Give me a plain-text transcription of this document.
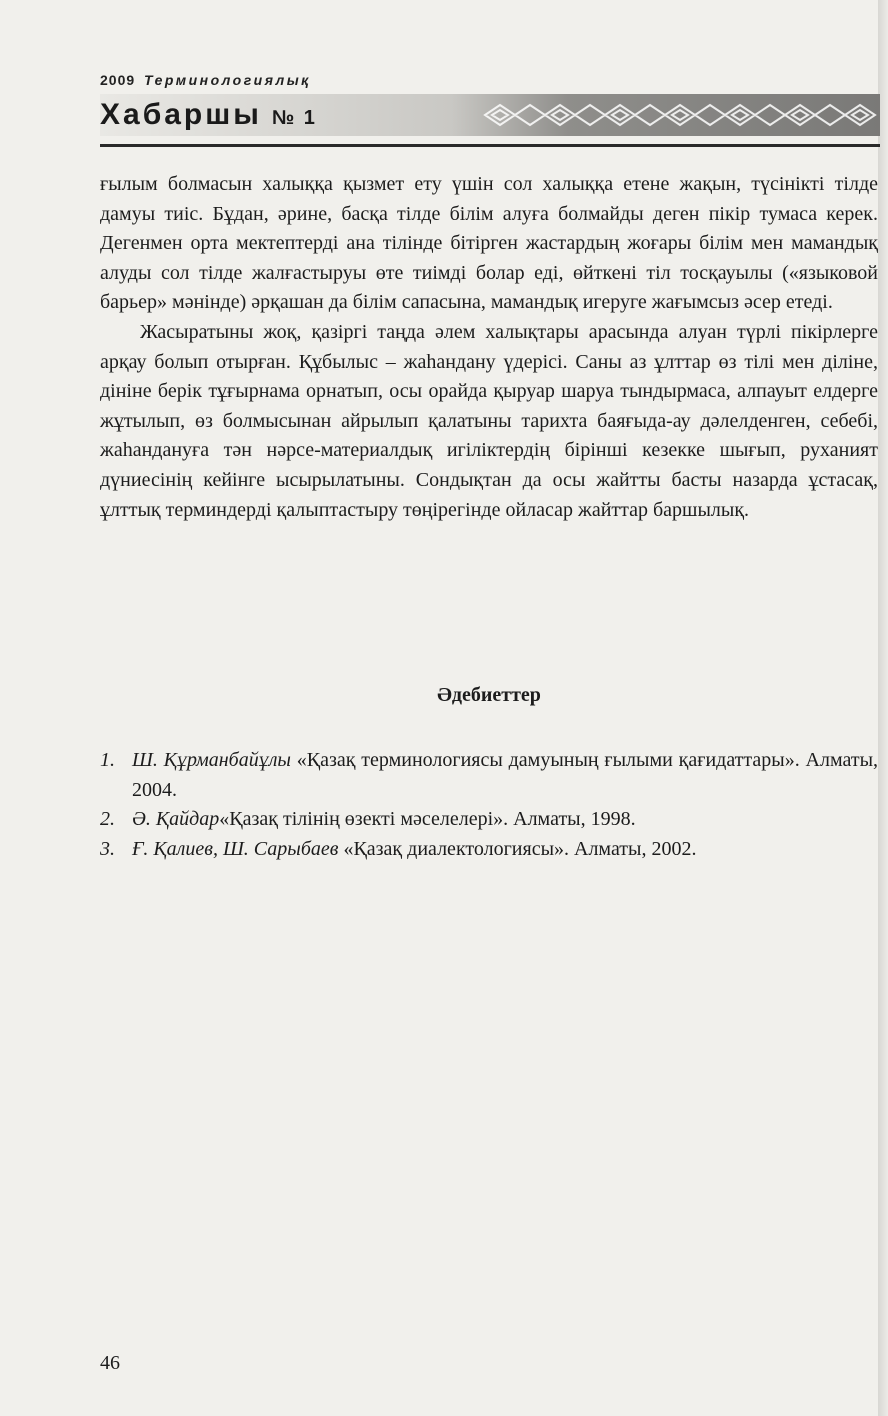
2009 Терминологиялық
Хабаршы № 1

ғылым болмасын халыққа қызмет ету үшін сол халыққа етене жақын, түсінікті тілде дамуы тиіс. Бұдан, әрине, басқа тілде білім алуға болмайды деген пікір тумаса керек. Дегенмен орта мектептерді ана тілінде бітірген жастардың жоғары білім мен мамандық алуды сол тілде жалғастыруы өте тиімді болар еді, өйткені тіл тосқауылы («языковой барьер» мәнінде) әрқашан да білім сапасына, мамандық игеруге жағымсыз әсер етеді.

Жасыратыны жоқ, қазіргі таңда әлем халықтары арасында алуан түрлі пікірлерге арқау болып отырған. Құбылыс – жаһандану үдерісі. Саны аз ұлттар өз тілі мен діліне, дініне берік тұғырнама орнатып, осы орайда қыруар шаруа тындырмаса, алпауыт елдерге жұтылып, өз болмысынан айрылып қалатыны тарихта баяғыда-ау дәлелденген, себебі, жаһандануға тән нәрсе-материалдық игіліктердің бірінші кезекке шығып, руханият дүниесінің кейінге ысырылатыны. Сондықтан да осы жайтты басты назарда ұстасақ, ұлттық терминдерді қалыптастыру төңірегінде ойласар жайттар баршылық.

Әдебиеттер
1. Ш. Құрманбайұлы «Қазақ терминологиясы дамуының ғылыми қағидаттары». Алматы, 2004.
2. Ә. Қайдар«Қазақ тілінің өзекті мәселелері». Алматы, 1998.
3. Ғ. Қалиев, Ш. Сарыбаев «Қазақ диалектологиясы». Алматы, 2002.
46
